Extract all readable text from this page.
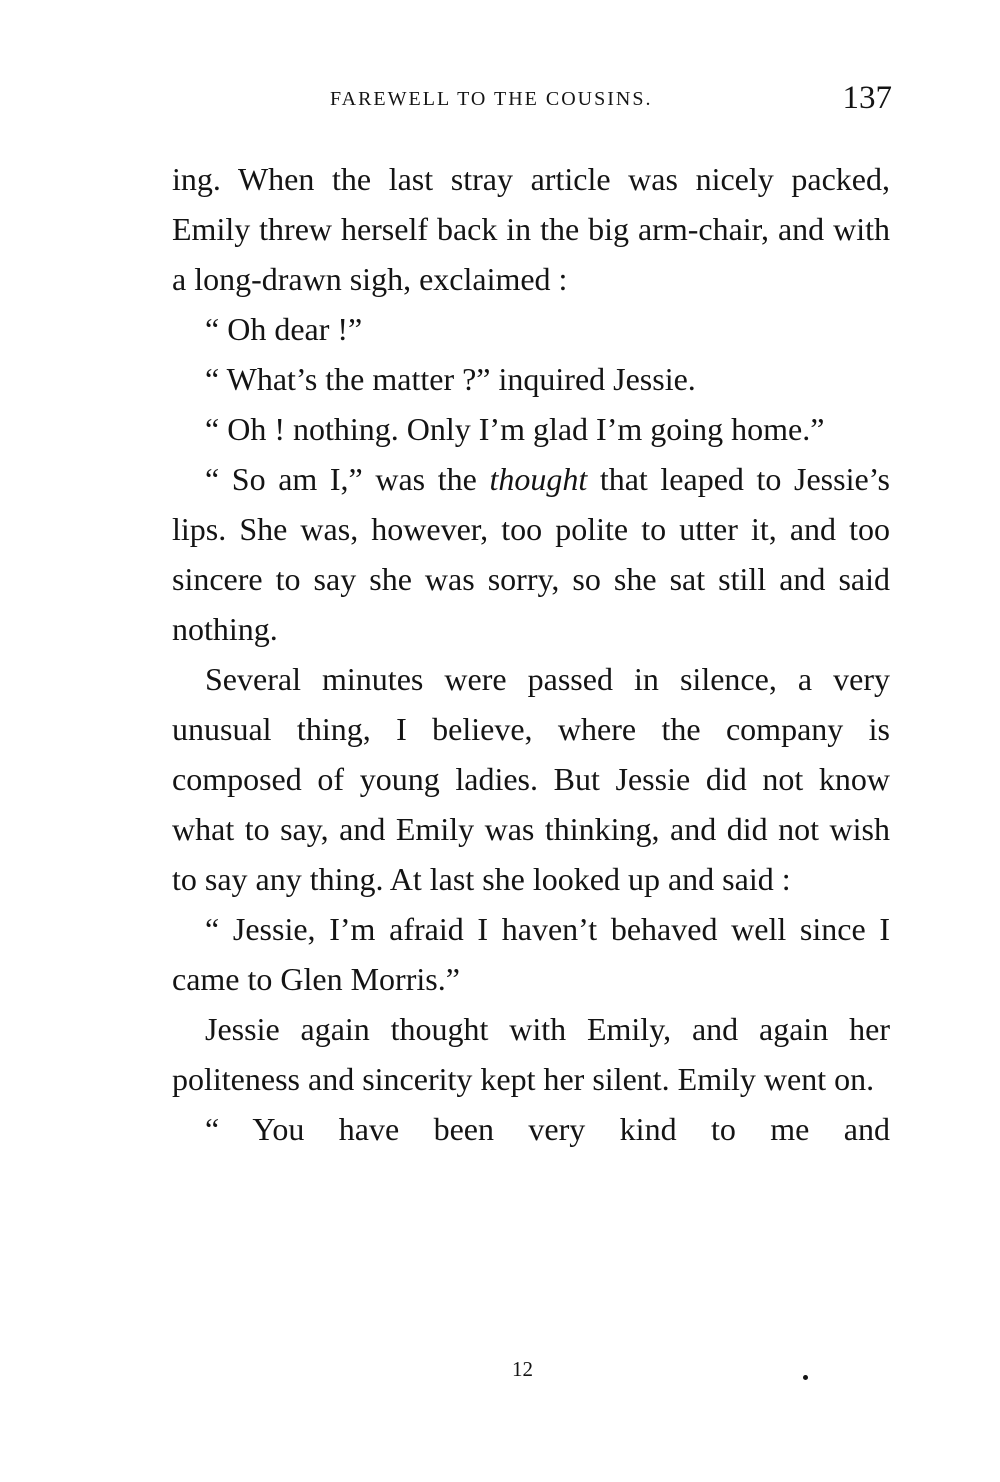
FAREWELL TO THE COUSINS.	137

ing. When the last stray article was nicely packed, Emily threw herself back in the big arm-chair, and with a long-drawn sigh, exclaimed :

“ Oh dear !”

“ What’s the matter ?” inquired Jessie.

“ Oh ! nothing. Only I’m glad I’m going home.”

“ So am I,” was the thought that leaped to Jessie’s lips. She was, however, too polite to utter it, and too sincere to say she was sorry, so she sat still and said nothing.

Several minutes were passed in silence, a very unusual thing, I believe, where the company is composed of young ladies. But Jessie did not know what to say, and Emily was thinking, and did not wish to say any thing. At last she looked up and said :

“ Jessie, I’m afraid I haven’t behaved well since I came to Glen Morris.”

Jessie again thought with Emily, and again her politeness and sincerity kept her silent. Emily went on.

“ You have been very kind to me and

12
